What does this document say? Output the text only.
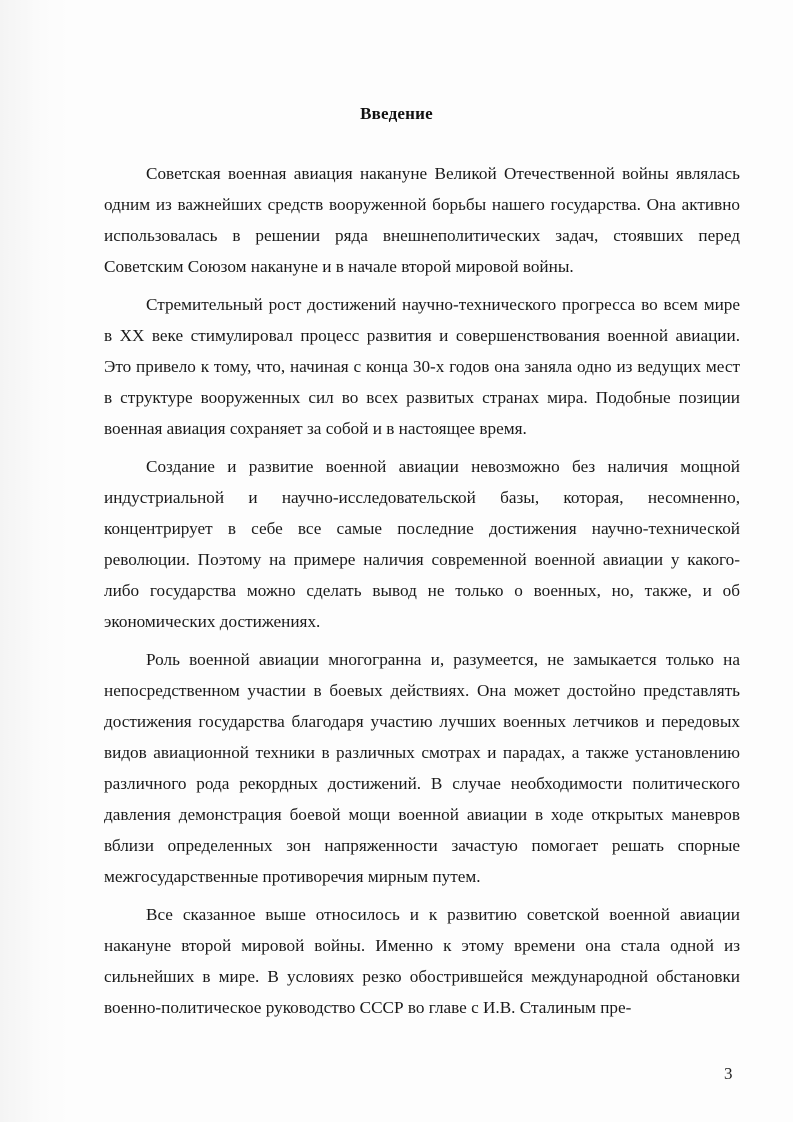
Введение

Советская военная авиация накануне Великой Отечественной войны являлась одним из важнейших средств вооруженной борьбы нашего государства. Она активно использовалась в решении ряда внешнеполитических задач, стоявших перед Советским Союзом накануне и в начале второй мировой войны.

Стремительный рост достижений научно-технического прогресса во всем мире в XX веке стимулировал процесс развития и совершенствования военной авиации. Это привело к тому, что, начиная с конца 30-х годов она заняла одно из ведущих мест в структуре вооруженных сил во всех развитых странах мира. Подобные позиции военная авиация сохраняет за собой и в настоящее время.

Создание и развитие военной авиации невозможно без наличия мощной индустриальной и научно-исследовательской базы, которая, несомненно, концентрирует в себе все самые последние достижения научно-технической революции. Поэтому на примере наличия современной военной авиации у какого-либо государства можно сделать вывод не только о военных, но, также, и об экономических достижениях.

Роль военной авиации многогранна и, разумеется, не замыкается только на непосредственном участии в боевых действиях. Она может достойно представлять достижения государства благодаря участию лучших военных летчиков и передовых видов авиационной техники в различных смотрах и парадах, а также установлению различного рода рекордных достижений. В случае необходимости политического давления демонстрация боевой мощи военной авиации в ходе открытых маневров вблизи определенных зон напряженности зачастую помогает решать спорные межгосударственные противоречия мирным путем.

Все сказанное выше относилось и к развитию советской военной авиации накануне второй мировой войны. Именно к этому времени она стала одной из сильнейших в мире. В условиях резко обострившейся международной обстановки военно-политическое руководство СССР во главе с И.В. Сталиным пре-

3
